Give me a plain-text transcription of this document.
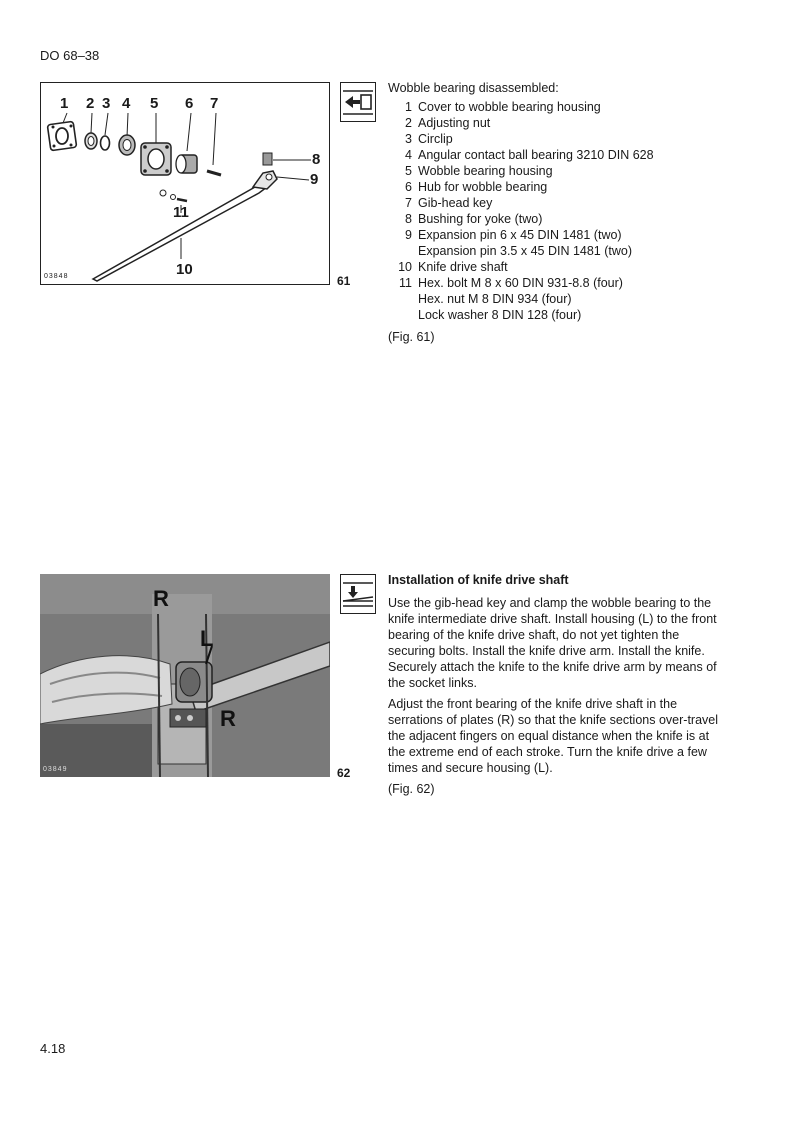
DO 68–38
1 2 3 4 5 6 7
8
9
10
11
03848	61
Wobble bearing disassembled:
1 Cover to wobble bearing housing
2 Adjusting nut
3 Circlip
4 Angular contact ball bearing 3210 DIN 628
5 Wobble bearing housing
6 Hub for wobble bearing
7 Gib-head key
8 Bushing for yoke (two)
9 Expansion pin 6 x 45 DIN 1481 (two)
Expansion pin 3.5 x 45 DIN 1481 (two)
10 Knife drive shaft
11 Hex. bolt M 8 x 60 DIN 931-8.8 (four)
Hex. nut M 8 DIN 934 (four)
Lock washer 8 DIN 128 (four)
(Fig. 61)
R
L
R
03849	62
Installation of knife drive shaft

Use the gib-head key and clamp the wobble bearing to the knife intermediate drive shaft. Install housing (L) to the front bearing of the knife drive shaft, do not yet tighten the securing bolts. Install the knife drive arm. Install the knife. Securely attach the knife to the knife drive arm by means of the socket links.

Adjust the front bearing of the knife drive shaft in the serrations of plates (R) so that the knife sections over-travel the adjacent fingers on equal distance when the knife is at the extreme end of each stroke. Turn the knife drive a few times and secure housing (L).

(Fig. 62)

4.18
